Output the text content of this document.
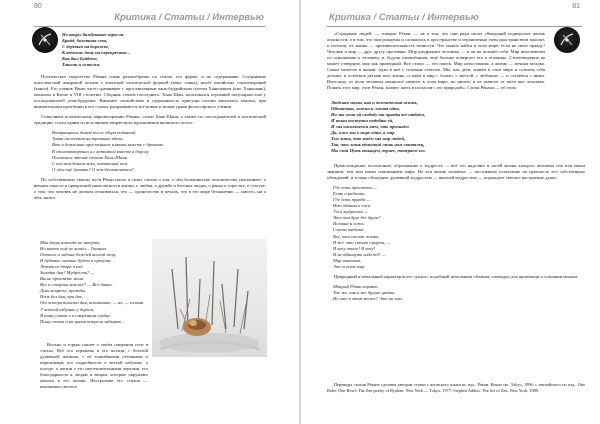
80
Критика / Статьи / Интервью
Но вокруг бамбуковые заросли.
Брайд, болотная сова,
С деревьев на дорожке,
К ветхому дому на перекрестке...
Как был Буддизм,
Такими и остался.

Поэтическое творчество Рёкана очень разнообразно по стилю, его форме, и по содержанию. Соединение классической жанровой поэзии с японской поэтической формой (вака, танка), налёт китайских стихотворений (канси). Его ученик Рёкан часто сравнивает с прославленным чань-буддийским поэтом Ханьшанем (кит. Ханьшань), монахом в Китае в VIII столетии. Сборник стихов последнего, Хань-Шан, пользовался огромной популярностью у последователей дзэн-буддизма. Внешнее спокойствие и сдержанность присущи поэзии японского монаха, при внимательном прочтении в его стихах раскрываются всё новые и новые грани философского учения.

Созвучным поэтическому мировоззрению Рёкана, стихи Хань-Шаня, а также его последователей в поэтической традиции, стали одним из источников творческого вдохновения японского поэта:

Возвращаюсь домой после сбора подаяний.
Трава шелестит на тропинке вдоль.
Вот в безмолвии простенькие клятвы вместе с дровами.
В столпотворении я с котомкой вместе в дорогу.
Полночное чтение стихов Хань-Шаня.
С наслаждением всяк, читающий мои.
О чём ещё думать? О чём беспокоиться?

По собственному своему пути Рёкан писал в своих стихах о том, о чём большинство человечества умалчивает: о вечном смысле и прекрасной мимолётности жизни, о любви, о дружбе и близких людях, о ранах и горестях, о счастье, о том, что человек не должен отчаиваться, что — одиночество и печаль, что в это мире бесконечно — ничего, ни о чём, ничто.

Моя дверь никогда не заперта,
Но никто ещё не вошёл... Тишина.
Оттого и ладони дождей весной жар,
И дубовые листья, будто в прогулке
Летят со двора в сад.
Загадка дня? Мудрость? —
Вы не прочтёте меня.
Все и сторона моя все? — Всё давно.
День встречи, проводы.
Ночь без дня, при дне,
От осторожности дня, вспоминаю, — ах, — солома
У ветхой избушки у дороги,
Я пишу стихи и в смиренном сердце
Пишу стихи и на время встречи забываю...

Вольно и горько пишет о своём смирении поэт в стихах. Всё это отражено в его поэзии, с богатой душевной жизнью, с её тончайшими оттенками и переливами; его подробности о ветхой избушке, о погоде, о жизни с его неутешительными чертами, его благодарность к людям и вещам, которые окружают монаха в его жизни. Настроение его стихов — неизменно светлое.

81
Критика / Статьи / Интервью

«Страдание людей, — говорит Рёкан, — не в том, что они ради своих убеждений подвергают жизнь опасности, а в том, что они рождены и сложились в пространстве и ограниченно этим пространством мыслят, и поэтому их жизнь — противоположность вечности. Что можно найти в этом мире, если не свою правду? Человек и мир — друг другу противны. Мир раздражает человека — и он не познаёт себя. Мир нечеловечен по отношению к человеку и, будучи оживлённым, ещё больше повергает его в отчаяние. Стихотворение не может утвердить мир как праведный. Все стихи — это поиск. Мир непостижим, а жизнь — вечная загадка. Самое нелепое в жизни: идти в неё с готовым ответом. Мы, как дети, живём в этом мире и сознаём себя детьми, и остаёмся детьми всю жизнь, и идём в мир с болью, с мечтой, с любовью — и остаёмся с ними. Воистину, от воли человека немногое зависит в этом мире, но ничего и не зависит от воли вне человека. Понять этот мир, учит Рёкан, значит: жить в согласии с его природой». Стихи Рёкана — об этом.

Людская молва, как и человеческая жизнь,
Обманчива, ложна и лжива одна,
Но мы сами ей свободу от правды все отдаём,
И наши поступки подобны ей,
И мы отличаемся тем, что признаём
Да, а все мы в мире одни, а мир
Тем лишь, что зовём мы мир людей,
Так, что лишь одинокий лишь нам скиталец,
Мы свой Путь отыщем, вернее, потеряем его.

Происхождение, воспитание, образование и мудрость — всё это наделяет в своей жизни каждого человека тем или иным знанием, тем или иным пониманием мира. Но вся жизнь человека — постоянное испытание на прочность его собственных убеждений, и только обладание душевной мудростью — высшей мудростью — порождает светлое настроение души.

Где есть простота —
Есть и радость.
Где есть правда —
Нет обмана и лжи.
Ум и мудрость —
Что они друг без друга?
Истина и ложь
Слиты воедино.
Все, что стоит жизни,
И всё, что стоит смерти, —
Я хочу этого! Я хочу!
И не обмануть надежд! —
Мир изменчив,
Это и есть мир.

Природный и печальный характер всего сущего, подобный печальным облакам, очевиден для проповеди о сознании монаха.

Мокрый Рёкан кормит
Так же, как и все другие цветы.
Но что в этом месте? Это он сам.

Переводы стихов Рёкана сделаны автором статьи с японского языка по изд.: Рёкан. Кокон сю. Tokyo, 1996; с английского по изд.: One Robe, One Bowl: The Zen poetry of Ryokan. New York — Tokyo, 1977; Stephen Addiss. The Art of Zen. New York, 1989.
